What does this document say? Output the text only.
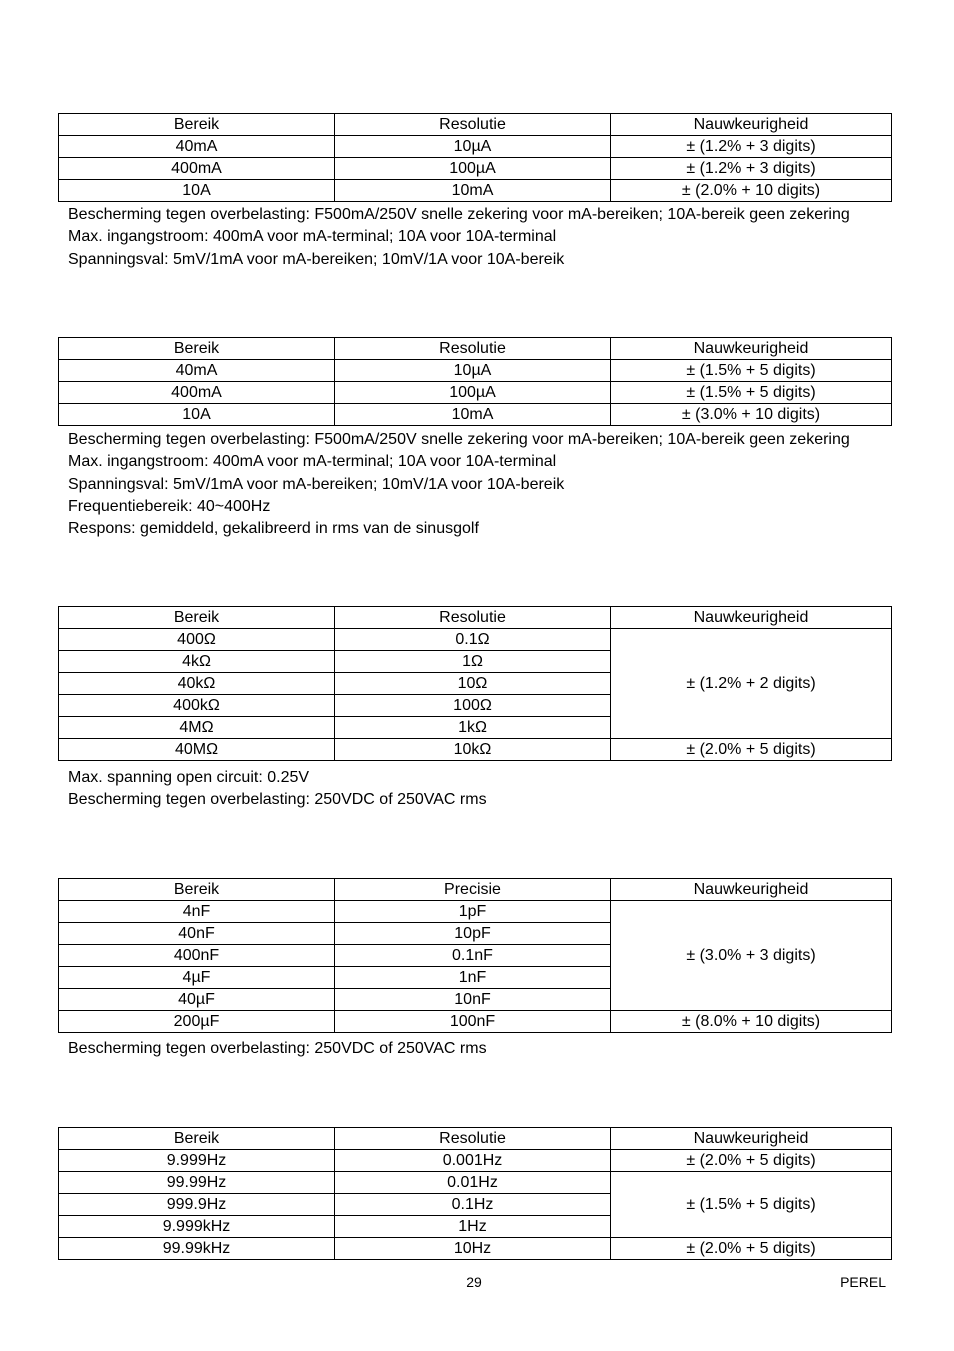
Bereik	Resolutie	Nauwkeurigheid
40mA	10µA	± (1.2% + 3 digits)
400mA	100µA	± (1.2% + 3 digits)
10A	10mA	± (2.0% + 10 digits)
Bescherming tegen overbelasting: F500mA/250V snelle zekering voor mA-bereiken; 10A-bereik geen zekering
Max. ingangstroom: 400mA voor mA-terminal; 10A voor 10A-terminal
Spanningsval: 5mV/1mA voor mA-bereiken; 10mV/1A voor 10A-bereik
Bereik	Resolutie	Nauwkeurigheid
40mA	10µA	± (1.5% + 5 digits)
400mA	100µA	± (1.5% + 5 digits)
10A	10mA	± (3.0% + 10 digits)
Bescherming tegen overbelasting: F500mA/250V snelle zekering voor mA-bereiken; 10A-bereik geen zekering
Max. ingangstroom: 400mA voor mA-terminal; 10A voor 10A-terminal
Spanningsval: 5mV/1mA voor mA-bereiken; 10mV/1A voor 10A-bereik
Frequentiebereik: 40~400Hz
Respons: gemiddeld, gekalibreerd in rms van de sinusgolf
Bereik	Resolutie	Nauwkeurigheid
400Ω	0.1Ω	± (1.2% + 2 digits)
4kΩ	1Ω	
40kΩ	10Ω	
400kΩ	100Ω	
4MΩ	1kΩ	
40MΩ	10kΩ	± (2.0% + 5 digits)
Max. spanning open circuit: 0.25V
Bescherming tegen overbelasting: 250VDC of 250VAC rms
Bereik	Precisie	Nauwkeurigheid
4nF	1pF	± (3.0% + 3 digits)
40nF	10pF	
400nF	0.1nF	
4µF	1nF	
40µF	10nF	
200µF	100nF	± (8.0% + 10 digits)
Bescherming tegen overbelasting: 250VDC of 250VAC rms
Bereik	Resolutie	Nauwkeurigheid
9.999Hz	0.001Hz	± (2.0% + 5 digits)
99.99Hz	0.01Hz	± (1.5% + 5 digits)
999.9Hz	0.1Hz	
9.999kHz	1Hz	
99.99kHz	10Hz	± (2.0% + 5 digits)
29	PEREL
